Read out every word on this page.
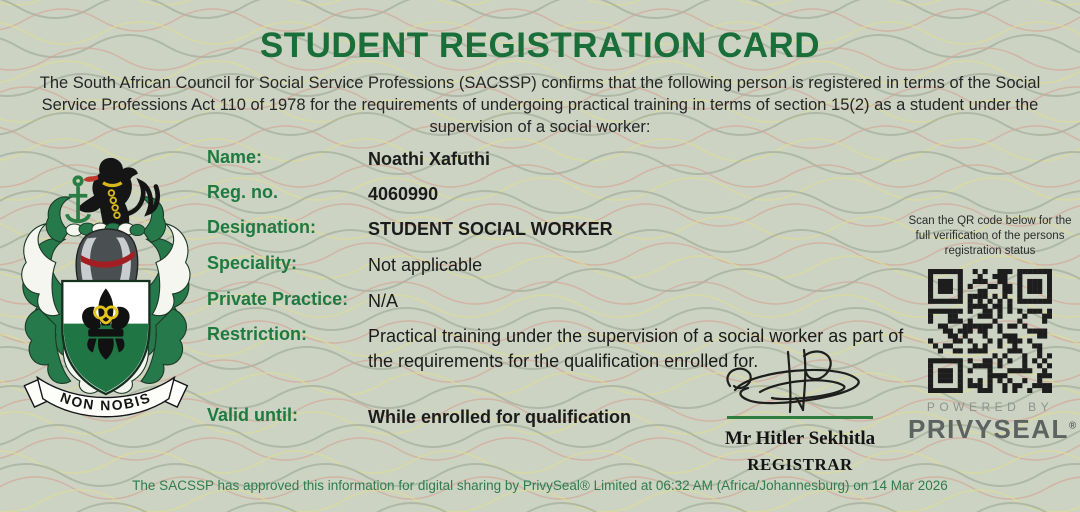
STUDENT REGISTRATION CARD

The South African Council for Social Service Professions (SACSSP) confirms that the following person is registered in terms of the Social Service Professions Act 110 of 1978 for the requirements of undergoing practical training in terms of section 15(2) as a student under the supervision of a social worker:

NON NOBIS
Name:	Noathi Xafuthi
Reg. no.	4060990
Designation:	STUDENT SOCIAL WORKER
Speciality:	Not applicable
Private Practice:	N/A
Restriction:	Practical training under the supervision of a social worker as part of the requirements for the qualification enrolled for.
Valid until:	While enrolled for qualification
Mr Hitler Sekhitla
REGISTRAR
Scan the QR code below for the full verification of the persons registration status
POWERED BY
PRIVYSEAL®
The SACSSP has approved this information for digital sharing by PrivySeal® Limited at 06:32 AM (Africa/Johannesburg) on 14 Mar 2026
